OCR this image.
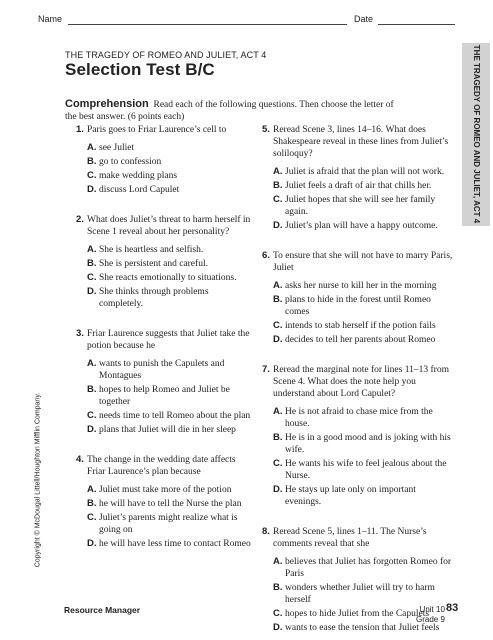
Name	Date
THE TRAGEDY OF ROMEO AND JULIET, ACT 4
Selection Test B/C	THE TRAGEDY OF ROMEO AND JULIET, ACT 4
Comprehension Read each of the following questions. Then choose the letter of the best answer. (6 points each)
Copyright © McDougal Littell/Houghton Mifflin Company.
1. Paris goes to Friar Laurence’s cell to
A. see Juliet
B. go to confession
C. make wedding plans
D. discuss Lord Capulet
2. What does Juliet’s threat to harm herself in Scene 1 reveal about her personality?
A. She is heartless and selfish.
B. She is persistent and careful.
C. She reacts emotionally to situations.
D. She thinks through problems completely.
3. Friar Laurence suggests that Juliet take the potion because he
A. wants to punish the Capulets and Montagues
B. hopes to help Romeo and Juliet be together
C. needs time to tell Romeo about the plan
D. plans that Juliet will die in her sleep
4. The change in the wedding date affects Friar Laurence’s plan because
A. Juliet must take more of the potion
B. he will have to tell the Nurse the plan
C. Juliet’s parents might realize what is going on
D. he will have less time to contact Romeo
5. Reread Scene 3, lines 14–16. What does Shakespeare reveal in these lines from Juliet’s soliloquy?
A. Juliet is afraid that the plan will not work.
B. Juliet feels a draft of air that chills her.
C. Juliet hopes that she will see her family again.
D. Juliet’s plan will have a happy outcome.
6. To ensure that she will not have to marry Paris, Juliet
A. asks her nurse to kill her in the morning
B. plans to hide in the forest until Romeo comes
C. intends to stab herself if the potion fails
D. decides to tell her parents about Romeo
7. Reread the marginal note for lines 11–13 from Scene 4. What does the note help you understand about Lord Capulet?
A. He is not afraid to chase mice from the house.
B. He is in a good mood and is joking with his wife.
C. He wants his wife to feel jealous about the Nurse.
D. He stays up late only on important evenings.
8. Reread Scene 5, lines 1–11. The Nurse’s comments reveal that she
A. believes that Juliet has forgotten Romeo for Paris
B. wonders whether Juliet will try to harm herself
C. hopes to hide Juliet from the Capulets
D. wants to ease the tension that Juliet feels
Resource Manager	Unit 10
Grade 9
83
